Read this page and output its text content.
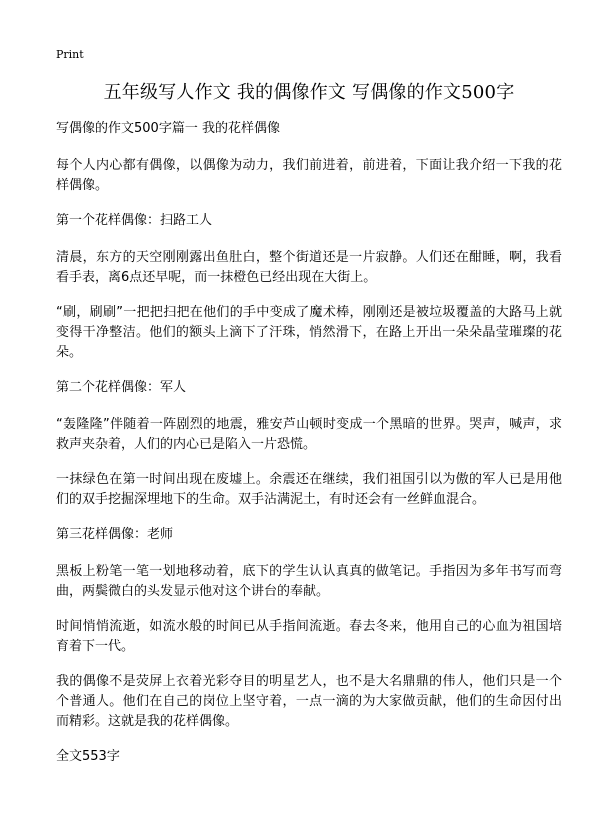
Print
五年级写人作文 我的偶像作文 写偶像的作文500字
写偶像的作文500字篇一 我的花样偶像
每个人内心都有偶像，以偶像为动力，我们前进着，前进着，下面让我介绍一下我的花样偶像。
第一个花样偶像：扫路工人
清晨，东方的天空刚刚露出鱼肚白，整个街道还是一片寂静。人们还在酣睡，啊，我看看手表，离6点还早呢，而一抹橙色已经出现在大街上。
“刷，刷刷”一把把扫把在他们的手中变成了魔术棒，刚刚还是被垃圾覆盖的大路马上就变得干净整洁。他们的额头上滴下了汗珠，悄然滑下，在路上开出一朵朵晶莹璀璨的花朵。
第二个花样偶像：军人
“轰隆隆”伴随着一阵剧烈的地震，雅安芦山顿时变成一个黑暗的世界。哭声，喊声，求救声夹杂着，人们的内心已是陷入一片恐慌。
一抹绿色在第一时间出现在废墟上。余震还在继续，我们祖国引以为傲的军人已是用他们的双手挖掘深埋地下的生命。双手沾满泥土，有时还会有一丝鲜血混合。
第三花样偶像：老师
黑板上粉笔一笔一划地移动着，底下的学生认认真真的做笔记。手指因为多年书写而弯曲，两鬓微白的头发显示他对这个讲台的奉献。
时间悄悄流逝，如流水般的时间已从手指间流逝。春去冬来，他用自己的心血为祖国培育着下一代。
我的偶像不是荧屏上衣着光彩夺目的明星艺人，也不是大名鼎鼎的伟人，他们只是一个个普通人。他们在自己的岗位上坚守着，一点一滴的为大家做贡献，他们的生命因付出而精彩。这就是我的花样偶像。
全文553字
